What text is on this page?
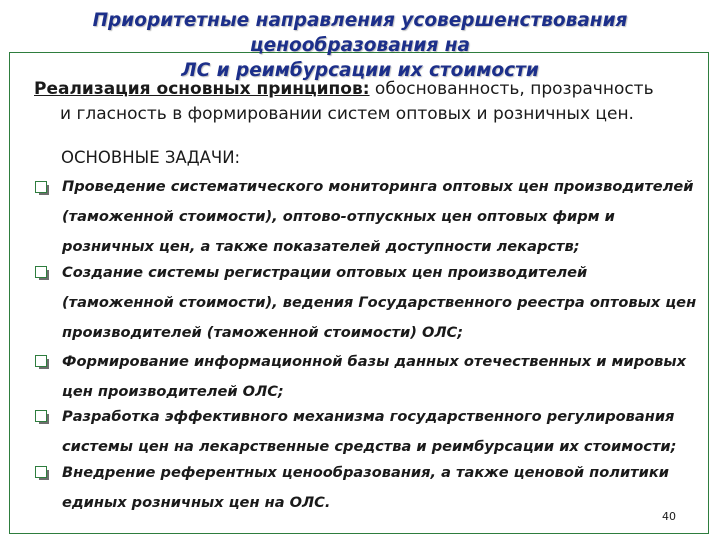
Приоритетные направления усовершенствования ценообразования на
ЛС и реимбурсации их стоимости
Реализация основных принципов: обоснованность, прозрачность
и гласность в формировании систем оптовых и розничных цен.
ОСНОВНЫЕ ЗАДАЧИ:
Проведение систематического мониторинга оптовых цен производителей
(таможенной стоимости), оптово-отпускных цен оптовых фирм и
розничных цен, а также показателей доступности лекарств;
Создание системы регистрации оптовых цен производителей
(таможенной стоимости), ведения Государственного реестра оптовых цен
производителей (таможенной стоимости) ОЛС;
Формирование информационной базы данных отечественных и мировых
цен производителей ОЛС;
Разработка эффективного механизма государственного регулирования
системы цен на лекарственные средства и реимбурсации их стоимости;
Внедрение референтных ценообразования, а также ценовой политики
единых розничных цен на ОЛС.
40
